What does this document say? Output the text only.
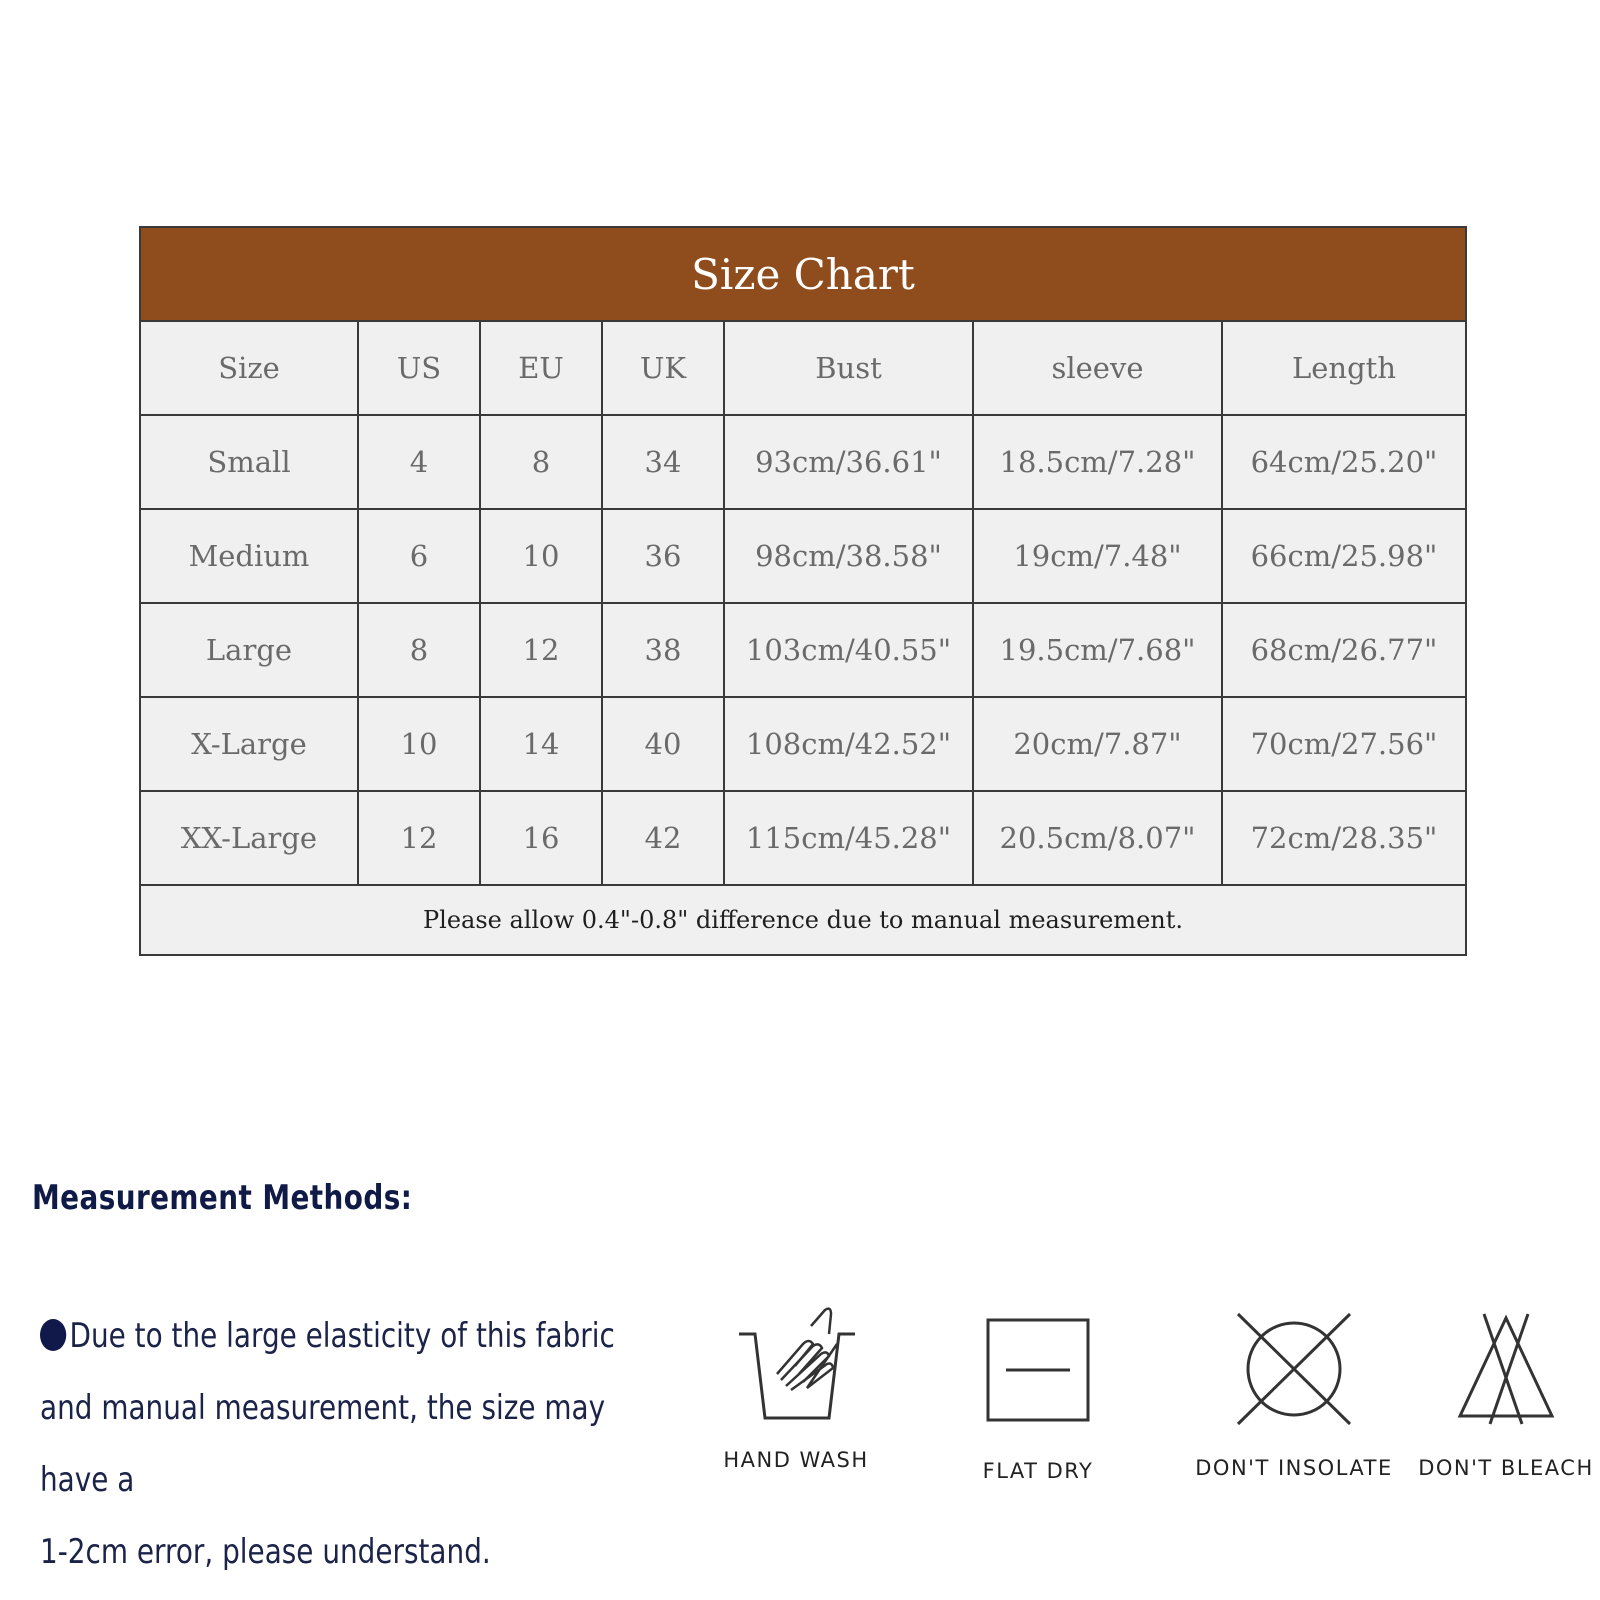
Size Chart
Size	US	EU	UK	Bust	sleeve	Length
Small	4	8	34	93cm/36.61"	18.5cm/7.28"	64cm/25.20"
Medium	6	10	36	98cm/38.58"	19cm/7.48"	66cm/25.98"
Large	8	12	38	103cm/40.55"	19.5cm/7.68"	68cm/26.77"
X-Large	10	14	40	108cm/42.52"	20cm/7.87"	70cm/27.56"
XX-Large	12	16	42	115cm/45.28"	20.5cm/8.07"	72cm/28.35"
Please allow 0.4"-0.8" difference due to manual measurement.						
Measurement Methods:
Due to the large elasticity of this fabric
and manual measurement, the size may have a
1-2cm error, please understand.
HAND WASH	FLAT DRY	DON'T INSOLATE	DON'T BLEACH
